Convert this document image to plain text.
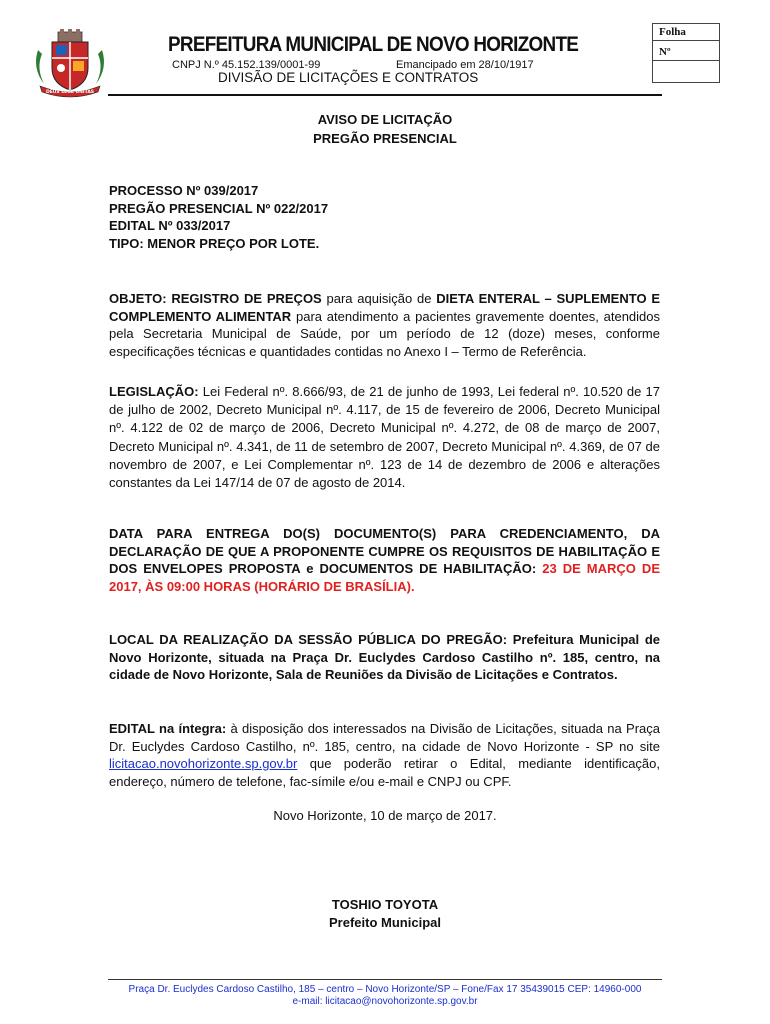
DEUS LEGE UNITAS
PREFEITURA MUNICIPAL DE NOVO HORIZONTE
CNPJ N.º 45.152.139/0001-99	Emancipado em 28/10/1917
DIVISÃO DE LICITAÇÕES E CONTRATOS
Folha
Nº
AVISO DE LICITAÇÃO
PREGÃO PRESENCIAL
PROCESSO Nº 039/2017
PREGÃO PRESENCIAL Nº 022/2017
EDITAL Nº 033/2017
TIPO: MENOR PREÇO POR LOTE.
OBJETO: REGISTRO DE PREÇOS para aquisição de DIETA ENTERAL – SUPLEMENTO E COMPLEMENTO ALIMENTAR para atendimento a pacientes gravemente doentes, atendidos pela Secretaria Municipal de Saúde, por um período de 12 (doze) meses, conforme especificações técnicas e quantidades contidas no Anexo I – Termo de Referência.
LEGISLAÇÃO: Lei Federal nº. 8.666/93, de 21 de junho de 1993, Lei federal nº. 10.520 de 17 de julho de 2002, Decreto Municipal nº. 4.117, de 15 de fevereiro de 2006, Decreto Municipal nº. 4.122 de 02 de março de 2006, Decreto Municipal nº. 4.272, de 08 de março de 2007, Decreto Municipal nº. 4.341, de 11 de setembro de 2007, Decreto Municipal nº. 4.369, de 07 de novembro de 2007, e Lei Complementar nº. 123 de 14 de dezembro de 2006 e alterações constantes da Lei 147/14 de 07 de agosto de 2014.
DATA PARA ENTREGA DO(S) DOCUMENTO(S) PARA CREDENCIAMENTO, DA DECLARAÇÃO DE QUE A PROPONENTE CUMPRE OS REQUISITOS DE HABILITAÇÃO E DOS ENVELOPES PROPOSTA e DOCUMENTOS DE HABILITAÇÃO: 23 DE MARÇO DE 2017, ÀS 09:00 HORAS (HORÁRIO DE BRASÍLIA).
LOCAL DA REALIZAÇÃO DA SESSÃO PÚBLICA DO PREGÃO: Prefeitura Municipal de Novo Horizonte, situada na Praça Dr. Euclydes Cardoso Castilho nº. 185, centro, na cidade de Novo Horizonte, Sala de Reuniões da Divisão de Licitações e Contratos.
EDITAL na íntegra: à disposição dos interessados na Divisão de Licitações, situada na Praça Dr. Euclydes Cardoso Castilho, nº. 185, centro, na cidade de Novo Horizonte - SP no site licitacao.novohorizonte.sp.gov.br que poderão retirar o Edital, mediante identificação, endereço, número de telefone, fac-símile e/ou e-mail e CNPJ ou CPF.
Novo Horizonte, 10 de março de 2017.
TOSHIO TOYOTA
Prefeito Municipal
Praça Dr. Euclydes Cardoso Castilho, 185 – centro – Novo Horizonte/SP – Fone/Fax 17 35439015 CEP: 14960-000
e-mail: licitacao@novohorizonte.sp.gov.br
